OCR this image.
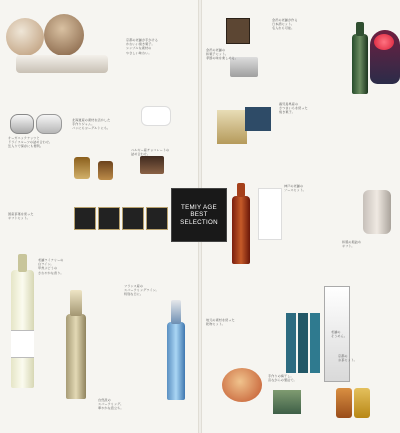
京都の老舗が手がける
かわいい焼き菓子。
シンプルな素材の
やさしい味わい。
オーガニックナッツと
ドライフルーツの詰め合わせ。
缶入りで保存にも便利。
北海道産の素材を活かした
手作りジャム。
パンにもヨーグルトにも。
国産茶葉を使った
ギフトセット。
ベルギー産チョコレートの
詰め合わせ。
老舗ワイナリーの
白ワイン。
甲州ぶどうの
さわやかな香り。
フランス産の
スパークリングワイン。
特別な日に。
自然派の
スパークリング。
華やかな泡立ち。
TEMIY AGE
BEST
SELECTION
金沢の老舗の
和菓子セット。
季節の味を楽しめる。
金沢の老舗が作る
日本酒セット。
名入れも可能。
鹿児島県産の
さつまいもを使った
焼き菓子。
神戸の老舗の
ソースセット。
和風の瓶詰め
ギフト。
地元の素材を使った
乾物セット。
手作りの梅干し。
昔ながらの製法で。
老舗の
そうめん。
京都の
お茶セット。
